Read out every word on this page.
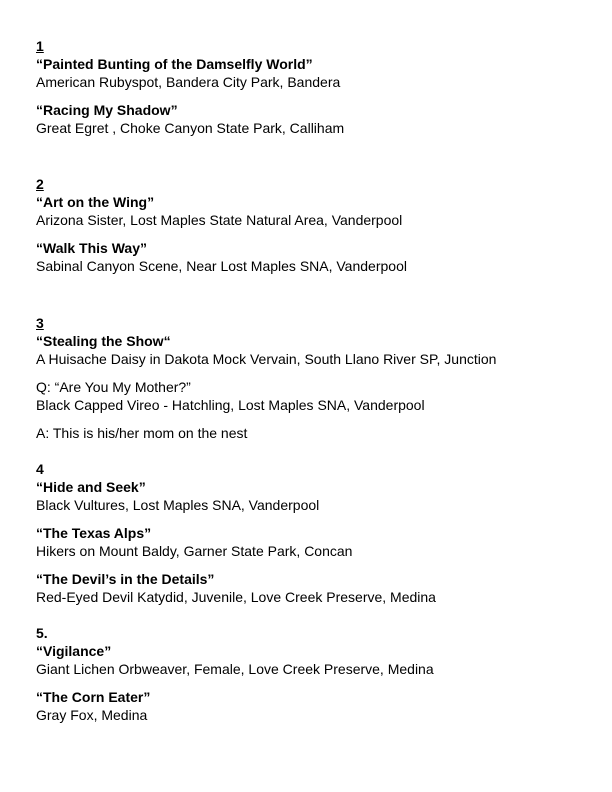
1

“Painted Bunting of the Damselfly World”

American Rubyspot, Bandera City Park, Bandera

“Racing My Shadow”

Great Egret , Choke Canyon State Park, Calliham

2

“Art on the Wing”

Arizona Sister, Lost Maples State Natural Area, Vanderpool

“Walk This Way”

Sabinal Canyon Scene, Near Lost Maples SNA, Vanderpool

3

“Stealing the Show“

A Huisache Daisy in Dakota Mock Vervain, South Llano River SP, Junction

Q: “Are You My Mother?”

Black Capped Vireo - Hatchling, Lost Maples SNA, Vanderpool

A: This is his/her mom on the nest

4

“Hide and Seek”

Black Vultures, Lost Maples SNA, Vanderpool

“The Texas Alps”

Hikers on Mount Baldy, Garner State Park, Concan

“The Devil’s in the Details”

Red-Eyed Devil Katydid, Juvenile, Love Creek Preserve, Medina

5.

“Vigilance”

Giant Lichen Orbweaver, Female, Love Creek Preserve, Medina

“The Corn Eater”

Gray Fox, Medina
